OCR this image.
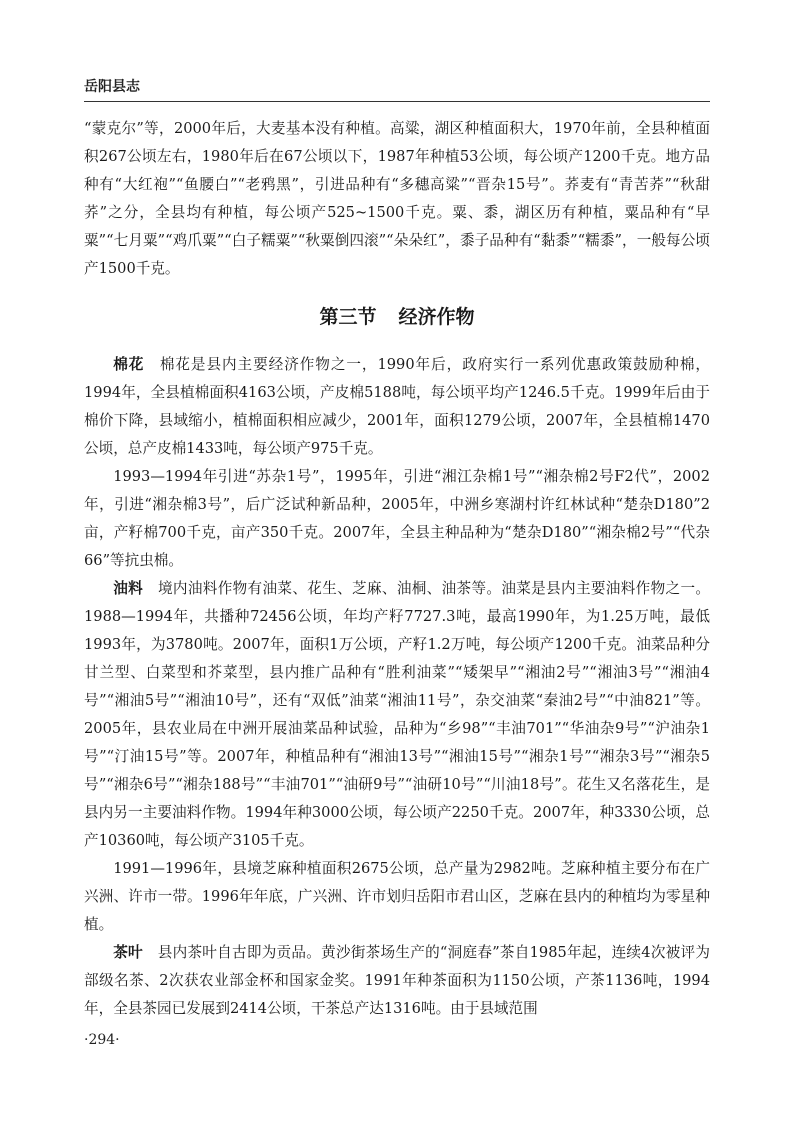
岳阳县志

“蒙克尔”等，2000年后，大麦基本没有种植。高粱，湖区种植面积大，1970年前，全县种植面积267公顷左右，1980年后在67公顷以下，1987年种植53公顷，每公顷产1200千克。地方品种有“大红袍”“鱼腰白”“老鸦黑”，引进品种有“多穗高粱”“晋杂15号”。荞麦有“青苦荞”“秋甜荞”之分，全县均有种植，每公顷产525~1500千克。粟、黍，湖区历有种植，粟品种有“早粟”“七月粟”“鸡爪粟”“白子糯粟”“秋粟倒四滚”“朵朵红”，黍子品种有“黏黍”“糯黍”，一般每公顷产1500千克。

第三节 经济作物

棉花　 棉花是县内主要经济作物之一，1990年后，政府实行一系列优惠政策鼓励种棉，1994年，全县植棉面积4163公顷，产皮棉5188吨，每公顷平均产1246.5千克。1999年后由于棉价下降，县域缩小，植棉面积相应减少，2001年，面积1279公顷，2007年，全县植棉1470公顷，总产皮棉1433吨，每公顷产975千克。

1993—1994年引进“苏杂1号”，1995年，引进“湘江杂棉1号”“湘杂棉2号F2代”，2002年，引进“湘杂棉3号”，后广泛试种新品种，2005年，中洲乡寒湖村许红林试种“楚杂D180”2亩，产籽棉700千克，亩产350千克。2007年，全县主种品种为“楚杂D180”“湘杂棉2号”“代杂66”等抗虫棉。

油料　 境内油料作物有油菜、花生、芝麻、油桐、油茶等。油菜是县内主要油料作物之一。1988—1994年，共播种72456公顷，年均产籽7727.3吨，最高1990年，为1.25万吨，最低1993年，为3780吨。2007年，面积1万公顷，产籽1.2万吨，每公顷产1200千克。油菜品种分甘兰型、白菜型和芥菜型，县内推广品种有“胜利油菜”“矮架早”“湘油2号”“湘油3号”“湘油4号”“湘油5号”“湘油10号”，还有“双低”油菜“湘油11号”，杂交油菜“秦油2号”“中油821”等。2005年，县农业局在中洲开展油菜品种试验，品种为“乡98”“丰油701”“华油杂9号”“沪油杂1号”“汀油15号”等。2007年，种植品种有“湘油13号”“湘油15号”“湘杂1号”“湘杂3号”“湘杂5号”“湘杂6号”“湘杂188号”“丰油701”“油研9号”“油研10号”“川油18号”。花生又名落花生，是县内另一主要油料作物。1994年种3000公顷，每公顷产2250千克。2007年，种3330公顷，总产10360吨，每公顷产3105千克。

1991—1996年，县境芝麻种植面积2675公顷，总产量为2982吨。芝麻种植主要分布在广兴洲、许市一带。1996年年底，广兴洲、许市划归岳阳市君山区，芝麻在县内的种植均为零星种植。

茶叶　 县内茶叶自古即为贡品。黄沙街茶场生产的“洞庭春”茶自1985年起，连续4次被评为部级名茶、2次获农业部金杯和国家金奖。1991年种茶面积为1150公顷，产茶1136吨，1994年，全县茶园已发展到2414公顷，干茶总产达1316吨。由于县域范围

·294·
